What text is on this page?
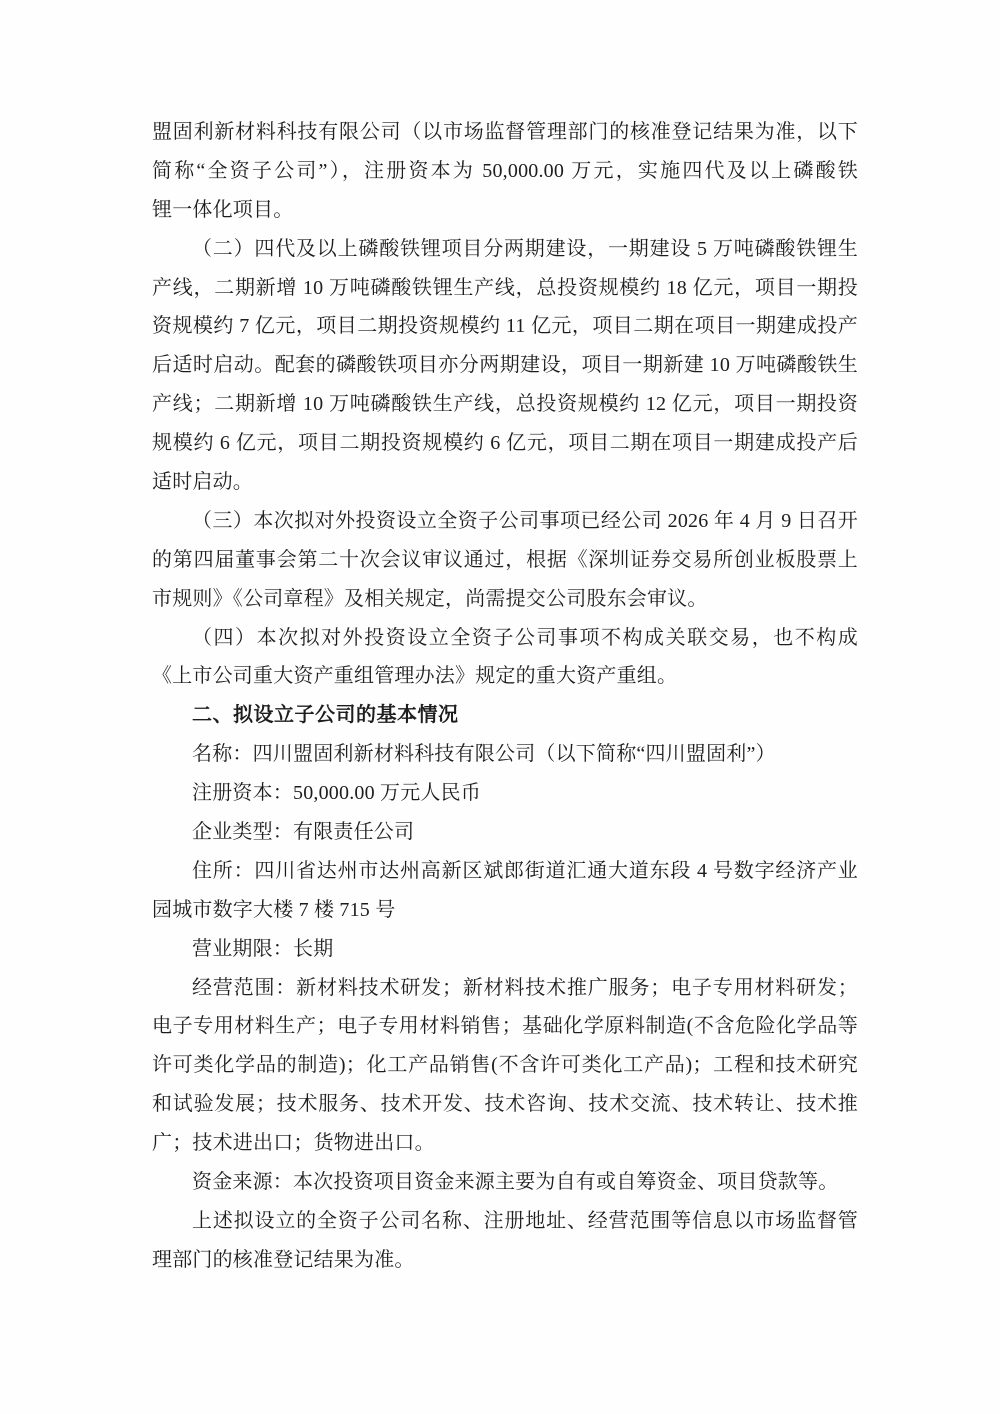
盟固利新材料科技有限公司（以市场监督管理部门的核准登记结果为准，以下
简称“全资子公司”），注册资本为 50,000.00 万元，实施四代及以上磷酸铁
锂一体化项目。
（二）四代及以上磷酸铁锂项目分两期建设，一期建设 5 万吨磷酸铁锂生
产线，二期新增 10 万吨磷酸铁锂生产线，总投资规模约 18 亿元，项目一期投
资规模约 7 亿元，项目二期投资规模约 11 亿元，项目二期在项目一期建成投产
后适时启动。配套的磷酸铁项目亦分两期建设，项目一期新建 10 万吨磷酸铁生
产线；二期新增 10 万吨磷酸铁生产线，总投资规模约 12 亿元，项目一期投资
规模约 6 亿元，项目二期投资规模约 6 亿元，项目二期在项目一期建成投产后
适时启动。
（三）本次拟对外投资设立全资子公司事项已经公司 2026 年 4 月 9 日召开
的第四届董事会第二十次会议审议通过，根据《深圳证券交易所创业板股票上
市规则》《公司章程》及相关规定，尚需提交公司股东会审议。
（四）本次拟对外投资设立全资子公司事项不构成关联交易，也不构成
《上市公司重大资产重组管理办法》规定的重大资产重组。
二、拟设立子公司的基本情况
名称：四川盟固利新材料科技有限公司（以下简称“四川盟固利”）
注册资本：50,000.00 万元人民币
企业类型：有限责任公司
住所：四川省达州市达州高新区斌郎街道汇通大道东段 4 号数字经济产业
园城市数字大楼 7 楼 715 号
营业期限：长期
经营范围：新材料技术研发；新材料技术推广服务；电子专用材料研发；
电子专用材料生产；电子专用材料销售；基础化学原料制造(不含危险化学品等
许可类化学品的制造)；化工产品销售(不含许可类化工产品)；工程和技术研究
和试验发展；技术服务、技术开发、技术咨询、技术交流、技术转让、技术推
广；技术进出口；货物进出口。
资金来源：本次投资项目资金来源主要为自有或自筹资金、项目贷款等。
上述拟设立的全资子公司名称、注册地址、经营范围等信息以市场监督管
理部门的核准登记结果为准。
